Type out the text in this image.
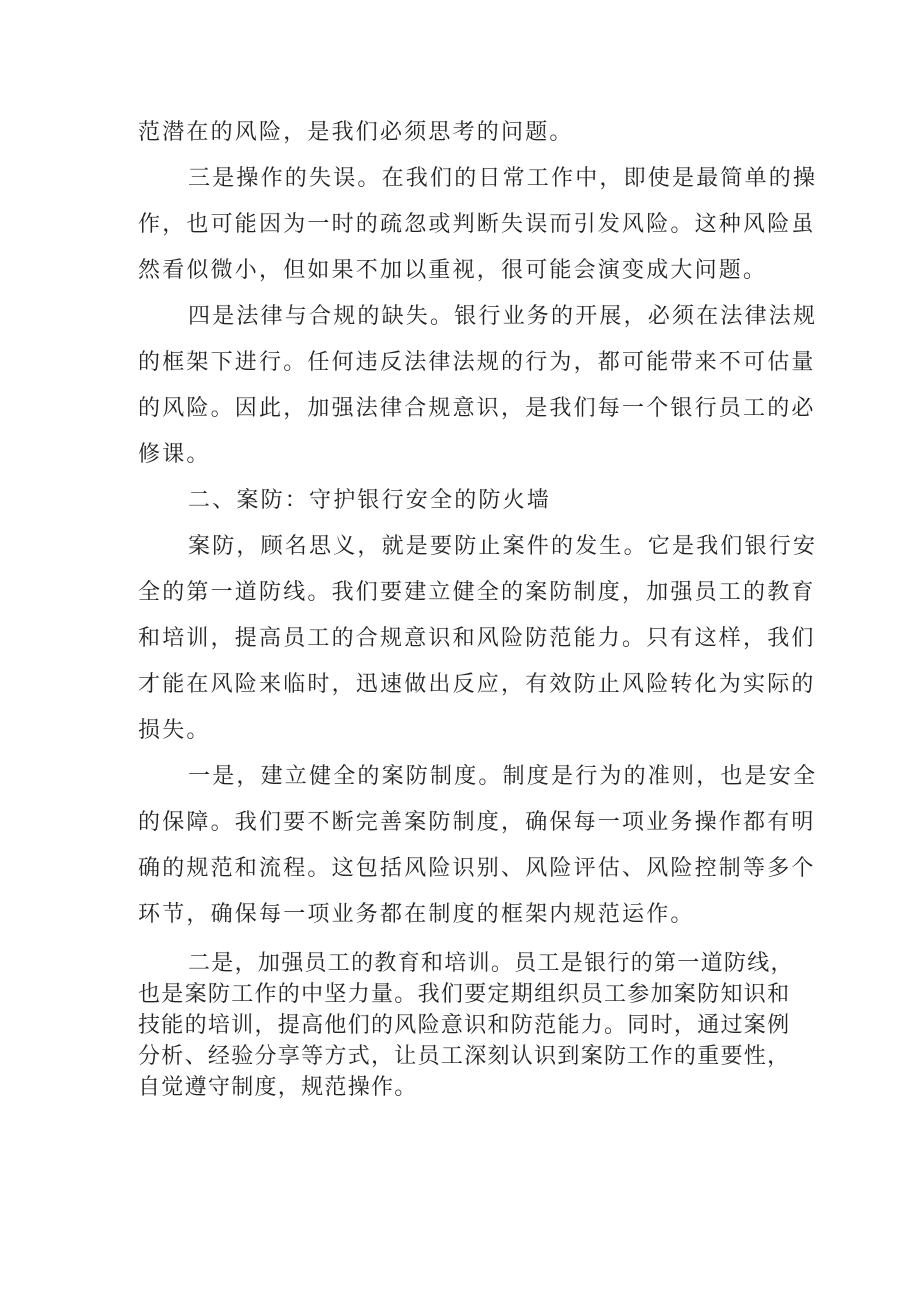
范潜在的风险，是我们必须思考的问题。
三是操作的失误。在我们的日常工作中，即使是最简单的操
作，也可能因为一时的疏忽或判断失误而引发风险。这种风险虽
然看似微小，但如果不加以重视，很可能会演变成大问题。
四是法律与合规的缺失。银行业务的开展，必须在法律法规
的框架下进行。任何违反法律法规的行为，都可能带来不可估量
的风险。因此，加强法律合规意识，是我们每一个银行员工的必
修课。
二、案防：守护银行安全的防火墙
案防，顾名思义，就是要防止案件的发生。它是我们银行安
全的第一道防线。我们要建立健全的案防制度，加强员工的教育
和培训，提高员工的合规意识和风险防范能力。只有这样，我们
才能在风险来临时，迅速做出反应，有效防止风险转化为实际的
损失。
一是，建立健全的案防制度。制度是行为的准则，也是安全
的保障。我们要不断完善案防制度，确保每一项业务操作都有明
确的规范和流程。这包括风险识别、风险评估、风险控制等多个
环节，确保每一项业务都在制度的框架内规范运作。
二是，加强员工的教育和培训。员工是银行的第一道防线，
也是案防工作的中坚力量。我们要定期组织员工参加案防知识和
技能的培训，提高他们的风险意识和防范能力。同时，通过案例
分析、经验分享等方式，让员工深刻认识到案防工作的重要性，
自觉遵守制度，规范操作。
